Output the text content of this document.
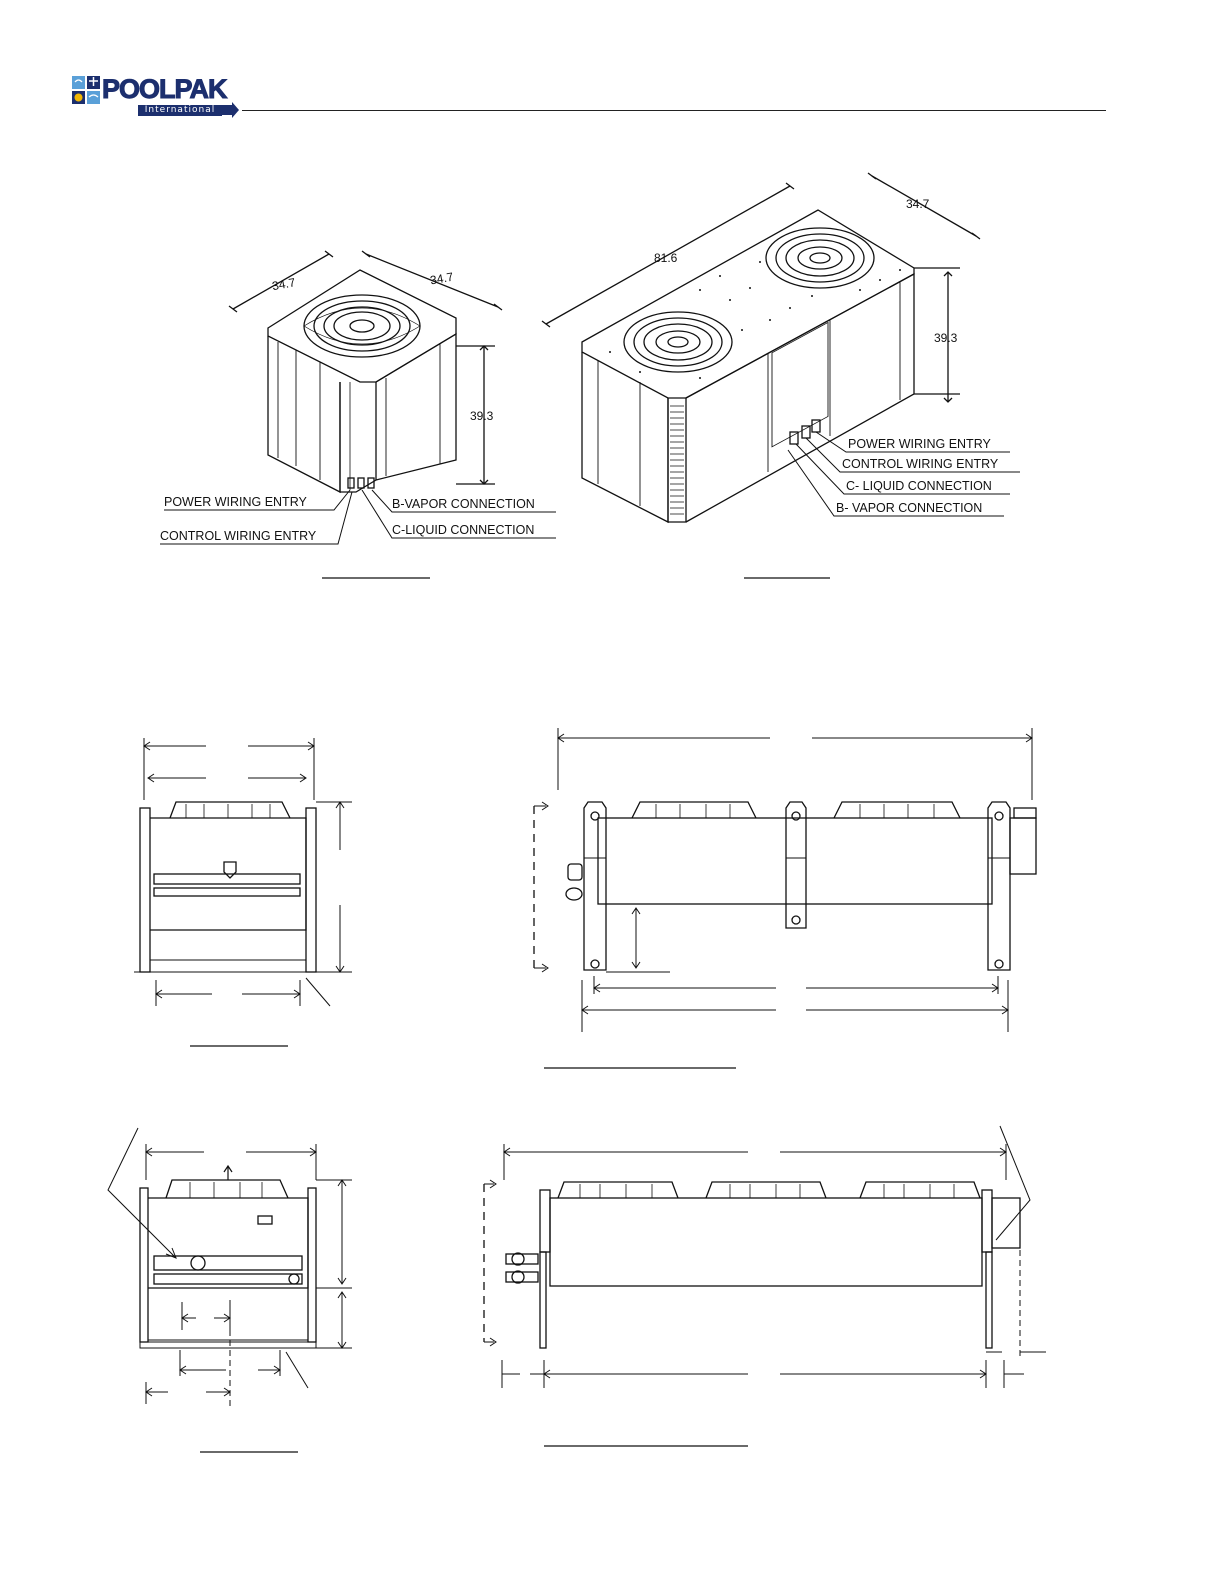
POOLPAK
International
34.7	34.7
39.3
POWER WIRING ENTRY
CONTROL WIRING ENTRY
B-VAPOR CONNECTION
C-LIQUID CONNECTION
81.6
34.7
39.3
POWER WIRING ENTRY
CONTROL WIRING ENTRY
C- LIQUID CONNECTION
B- VAPOR CONNECTION
